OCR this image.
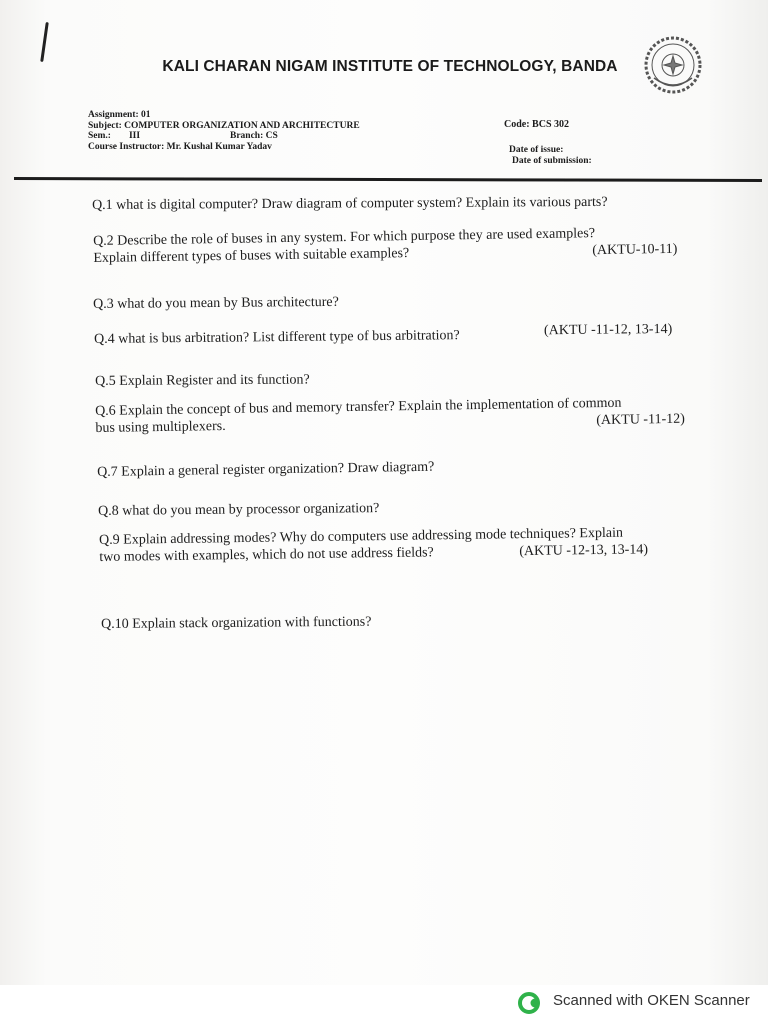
KALI CHARAN NIGAM INSTITUTE OF TECHNOLOGY, BANDA
Assignment: 01
Subject: COMPUTER ORGANIZATION AND ARCHITECTURE
Sem.: III	Branch: CS
Course Instructor: Mr. Kushal Kumar Yadav
Code: BCS 302
Date of issue:
Date of submission:
Q.1 what is digital computer? Draw diagram of computer system? Explain its various parts?
Q.2 Describe the role of buses in any system. For which purpose they are used examples?
Explain different types of buses with suitable examples?	(AKTU-10-11)
Q.3 what do you mean by Bus architecture?
Q.4 what is bus arbitration? List different type of bus arbitration?	(AKTU -11-12, 13-14)
Q.5 Explain Register and its function?
Q.6 Explain the concept of bus and memory transfer? Explain the implementation of common
bus using multiplexers.	(AKTU -11-12)
Q.7 Explain a general register organization? Draw diagram?
Q.8 what do you mean by processor organization?
Q.9 Explain addressing modes? Why do computers use addressing mode techniques? Explain
two modes with examples, which do not use address fields?	(AKTU -12-13, 13-14)
Q.10 Explain stack organization with functions?
Scanned with OKEN Scanner
